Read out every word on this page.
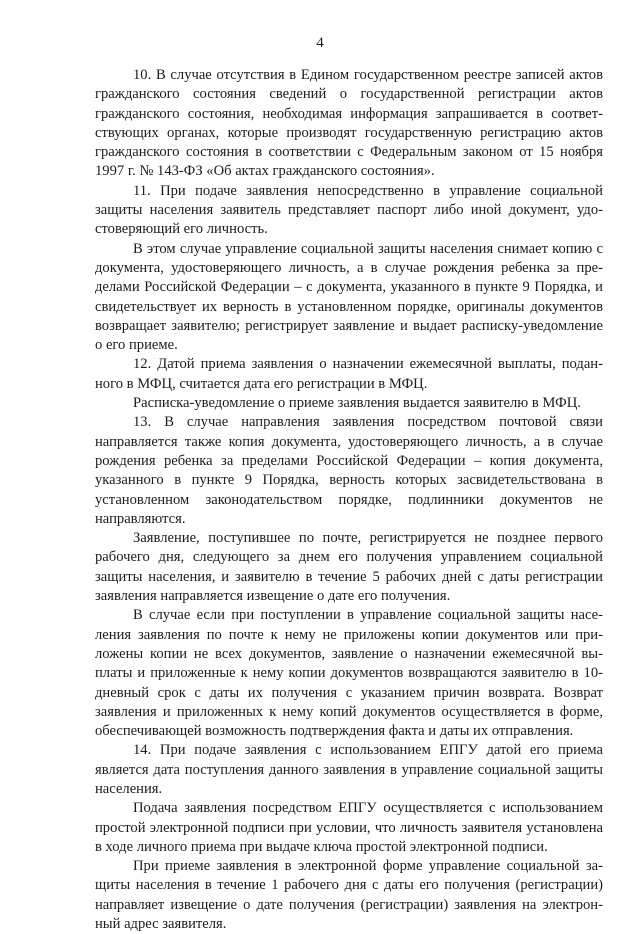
4

10. В случае отсутствия в Едином государственном реестре записей актов гражданского состояния сведений о государственной регистрации актов гражданского состояния, необходимая информация запрашивается в соответствующих органах, которые производят государственную регистрацию актов гражданского состояния в соответствии с Федеральным законом от 15 ноября 1997 г. № 143-ФЗ «Об актах гражданского состояния».

11. При подаче заявления непосредственно в управление социальной защиты населения заявитель представляет паспорт либо иной документ, удостоверяющий его личность.

В этом случае управление социальной защиты населения снимает копию с документа, удостоверяющего личность, а в случае рождения ребенка за пределами Российской Федерации – с документа, указанного в пункте 9 Порядка, и свидетельствует их верность в установленном порядке, оригиналы документов возвращает заявителю; регистрирует заявление и выдает расписку-уведомление о его приеме.

12. Датой приема заявления о назначении ежемесячной выплаты, поданного в МФЦ, считается дата его регистрации в МФЦ.

Расписка-уведомление о приеме заявления выдается заявителю в МФЦ.

13. В случае направления заявления посредством почтовой связи направляется также копия документа, удостоверяющего личность, а в случае рождения ребенка за пределами Российской Федерации – копия документа, указанного в пункте 9 Порядка, верность которых засвидетельствована в установленном законодательством порядке, подлинники документов не направляются.

Заявление, поступившее по почте, регистрируется не позднее первого рабочего дня, следующего за днем его получения управлением социальной защиты населения, и заявителю в течение 5 рабочих дней с даты регистрации заявления направляется извещение о дате его получения.

В случае если при поступлении в управление социальной защиты населения заявления по почте к нему не приложены копии документов или приложены копии не всех документов, заявление о назначении ежемесячной выплаты и приложенные к нему копии документов возвращаются заявителю в 10-дневный срок с даты их получения с указанием причин возврата. Возврат заявления и приложенных к нему копий документов осуществляется в форме, обеспечивающей возможность подтверждения факта и даты их отправления.

14. При подаче заявления с использованием ЕПГУ датой его приема является дата поступления данного заявления в управление социальной защиты населения.

Подача заявления посредством ЕПГУ осуществляется с использованием простой электронной подписи при условии, что личность заявителя установлена в ходе личного приема при выдаче ключа простой электронной подписи.

При приеме заявления в электронной форме управление социальной защиты населения в течение 1 рабочего дня с даты его получения (регистрации) направляет извещение о дате получения (регистрации) заявления на электронный адрес заявителя.
